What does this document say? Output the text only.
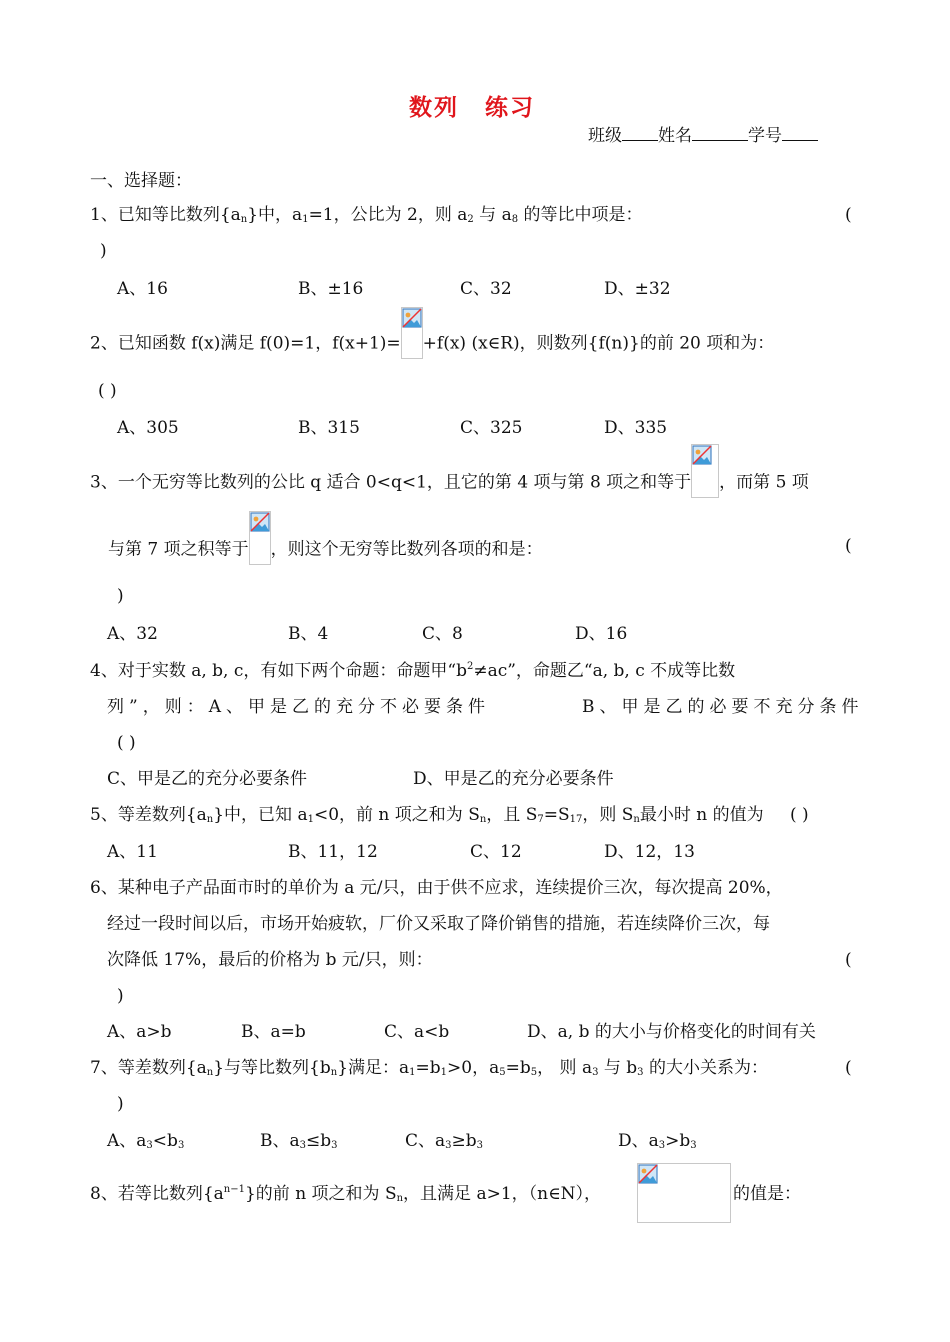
数列 练习
班级 姓名	学号
一、选择题：
1、已知等比数列$\{a_n\}$中，$a_1=1$，公比为 2，则 $a_2$ 与 $a_8$ 的等比中项是：	(
)
A、16	B、±16	C、32	D、±32
2、已知函数 f(x)满足 f(0)=1，f(x+1)= +f(x) (x∈R)，则数列{f(n)}的前 20 项和为：
( )
A、305	B、315	C、325	D、335
3、一个无穷等比数列的公比 q 适合 0<q<1，且它的第 4 项与第 8 项之和等于 ，而第 5 项
与第 7 项之积等于 ，则这个无穷等比数列各项的和是：	(
)
A、32	B、4	C、8	D、16
4、对于实数 a, b, c，有如下两个命题：命题甲“$b^2\ne ac$”，命题乙“a, b, c 不成等比数
列”，则：A、甲是乙的充分不必要条件	B、甲是乙的必要不充分条件
( )
C、甲是乙的充分必要条件	D、甲是乙的充分必要条件
5、等差数列$\{a_n\}$中，已知 $a_1<0$，前 n 项之和为 $S_n$，且 $S_7=S_{17}$，则 $S_n$最小时 n 的值为 ( )
A、11	B、11，12	C、12	D、12，13
6、某种电子产品面市时的单价为 a 元/只，由于供不应求，连续提价三次，每次提高 20%，
经过一段时间以后，市场开始疲软，厂价又采取了降价销售的措施，若连续降价三次，每
次降低 17%，最后的价格为 b 元/只，则：	(
)
A、a>b	B、a=b	C、a<b	D、a, b 的大小与价格变化的时间有关
7、等差数列$\{a_n\}$与等比数列$\{b_n\}$满足：$a_1=b_1>0$，$a_5=b_5$， 则 $a_3$ 与 $b_3$ 的大小关系为：	(
)
A、$a_3<b_3$	B、$a_3\le b_3$	C、$a_3\ge b_3$	D、$a_3>b_3$
8、若等比数列$\{a^{n-1}\}$的前 n 项之和为 $S_n$，且满足 a>1，（n∈N），	的值是：
